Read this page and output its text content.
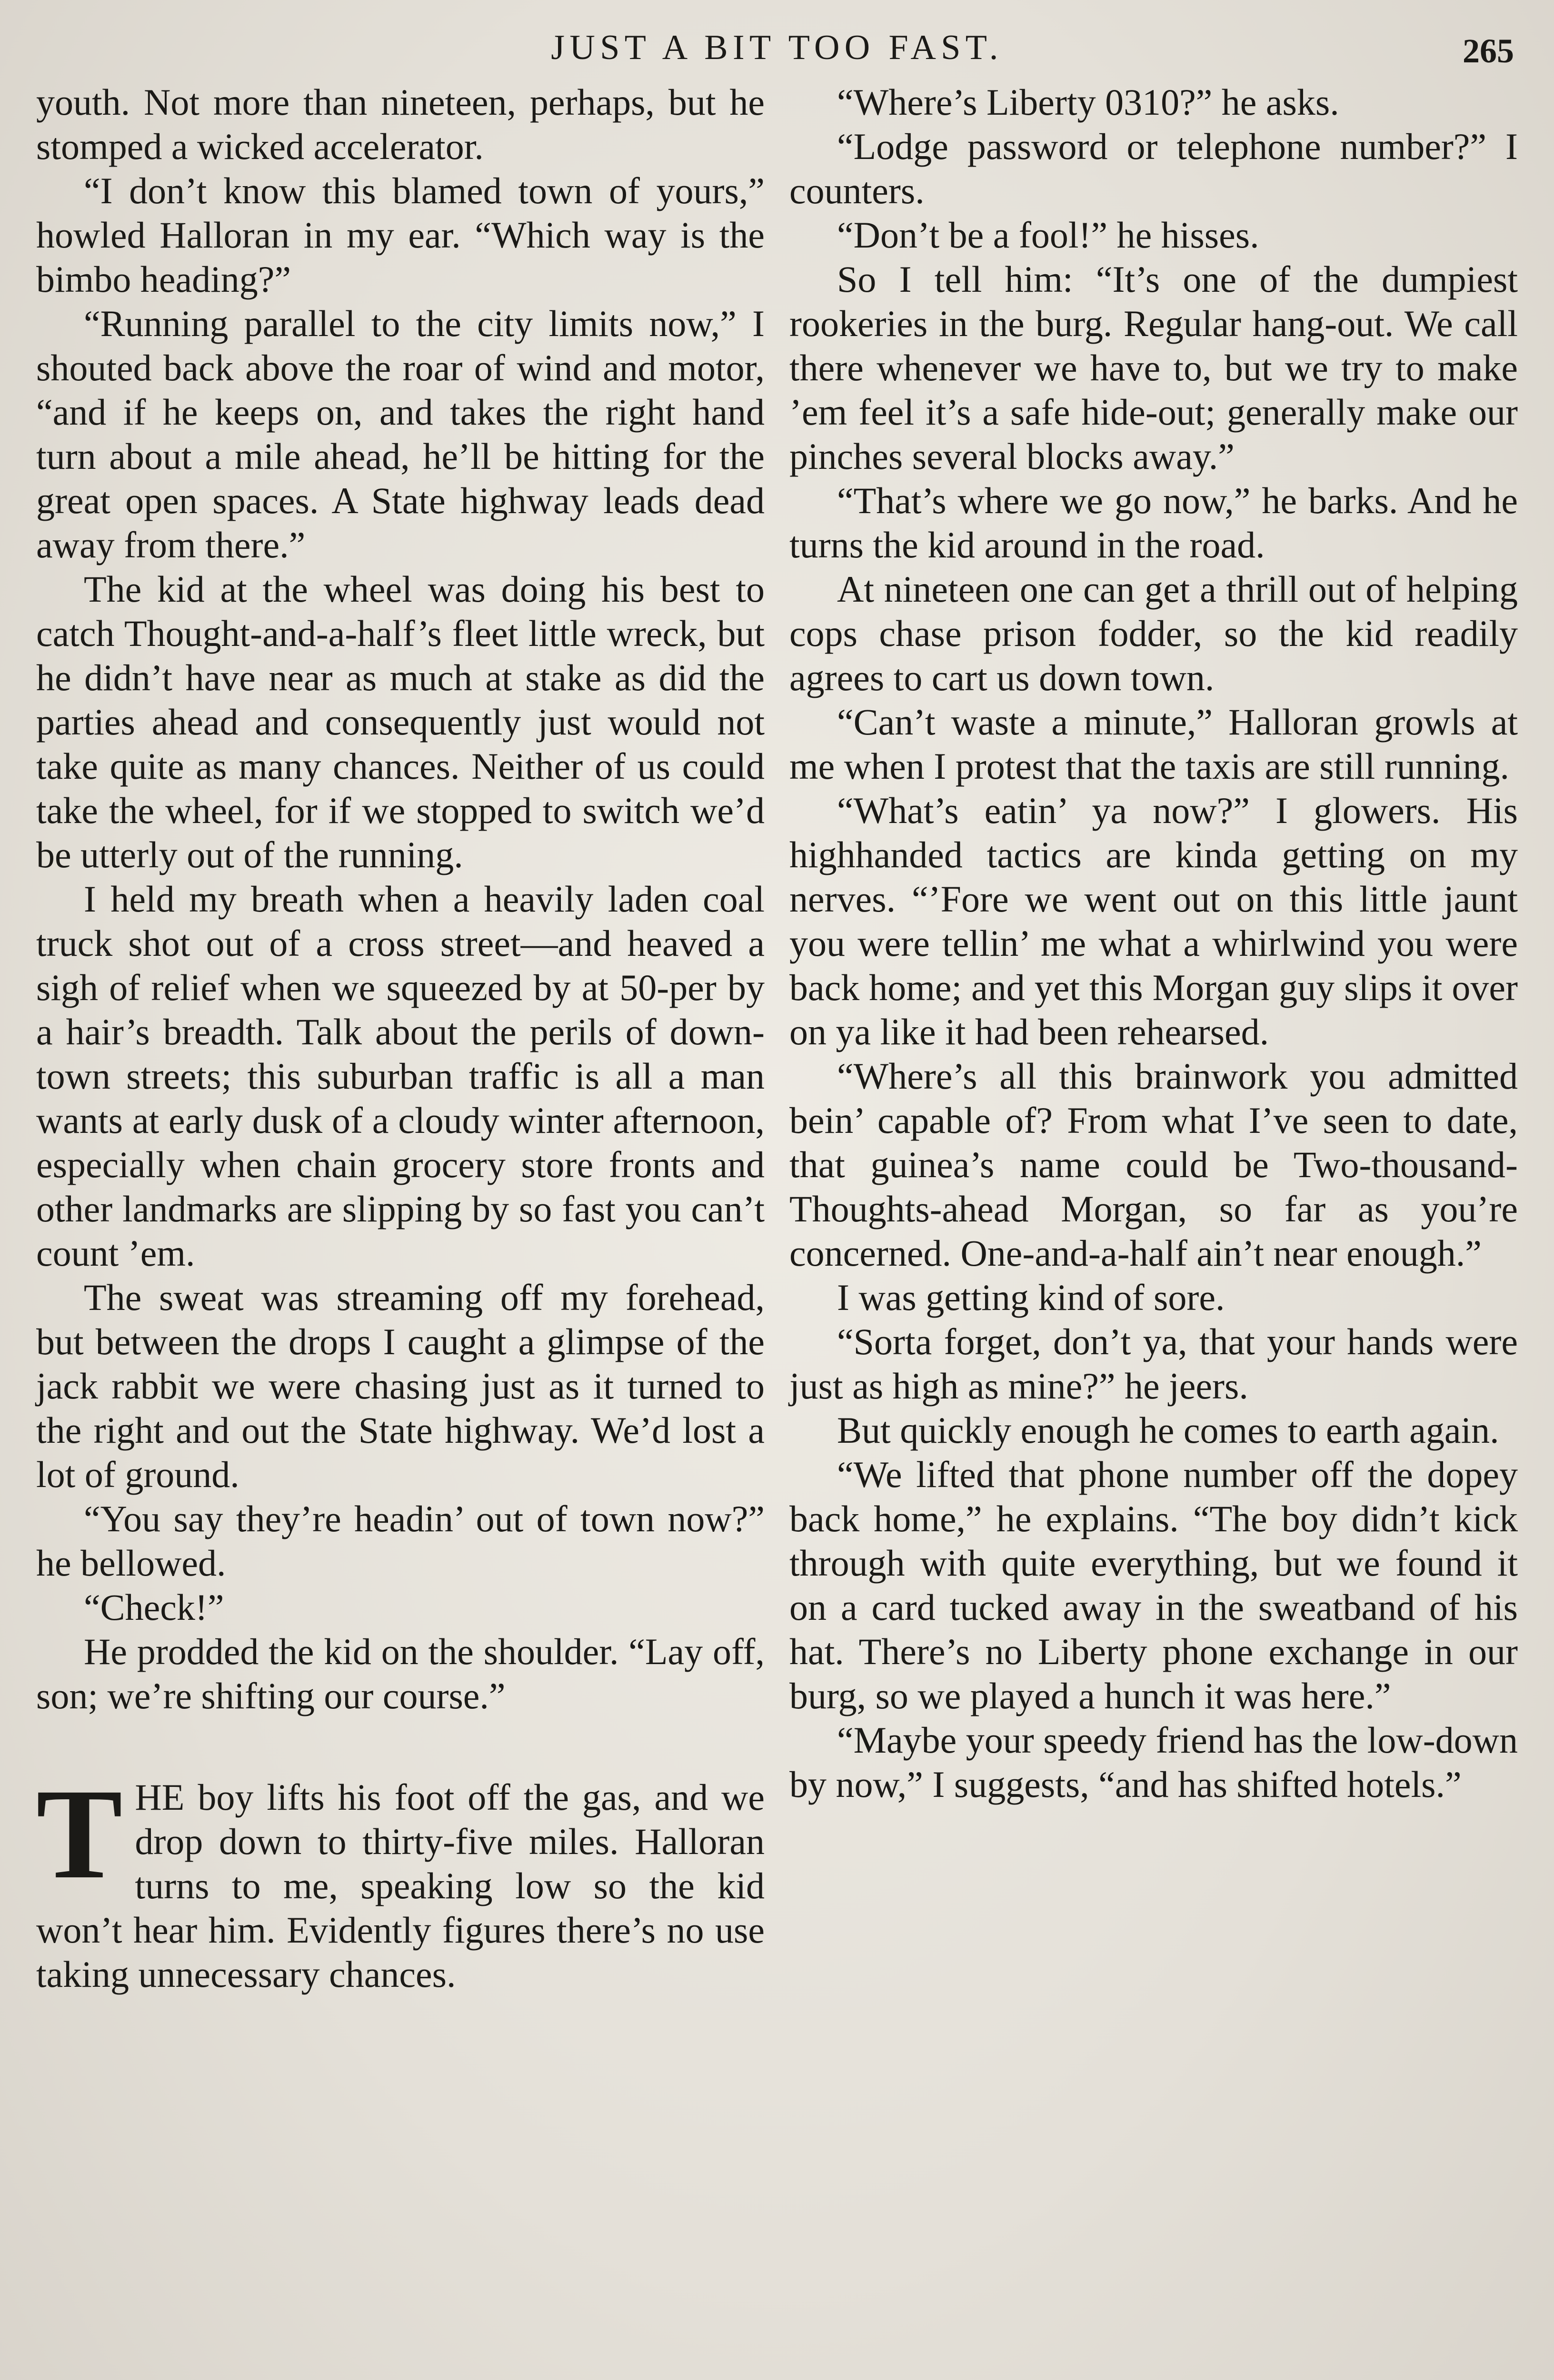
JUST A BIT TOO FAST.	265

youth. Not more than nineteen, perhaps, but he stomped a wicked accelerator.

“I don’t know this blamed town of yours,” howled Halloran in my ear. “Which way is the bimbo heading?”

“Running parallel to the city limits now,” I shouted back above the roar of wind and motor, “and if he keeps on, and takes the right hand turn about a mile ahead, he’ll be hitting for the great open spaces. A State highway leads dead away from there.”

The kid at the wheel was doing his best to catch Thought-and-a-half’s fleet little wreck, but he didn’t have near as much at stake as did the parties ahead and consequently just would not take quite as many chances. Neither of us could take the wheel, for if we stopped to switch we’d be utterly out of the running.

I held my breath when a heavily laden coal truck shot out of a cross street—and heaved a sigh of relief when we squeezed by at 50-per by a hair’s breadth. Talk about the perils of down-town streets; this suburban traffic is all a man wants at early dusk of a cloudy winter afternoon, especially when chain grocery store fronts and other landmarks are slipping by so fast you can’t count ’em.

The sweat was streaming off my forehead, but between the drops I caught a glimpse of the jack rabbit we were chasing just as it turned to the right and out the State highway. We’d lost a lot of ground.

“You say they’re headin’ out of town now?” he bellowed.

“Check!”

He prodded the kid on the shoulder. “Lay off, son; we’re shifting our course.”

THE boy lifts his foot off the gas, and we drop down to thirty-five miles. Halloran turns to me, speaking low so the kid won’t hear him. Evidently figures there’s no use taking unnecessary chances.

“Where’s Liberty 0310?” he asks.

“Lodge password or telephone number?” I counters.

“Don’t be a fool!” he hisses.

So I tell him: “It’s one of the dumpiest rookeries in the burg. Regular hang-out. We call there whenever we have to, but we try to make ’em feel it’s a safe hide-out; generally make our pinches several blocks away.”

“That’s where we go now,” he barks. And he turns the kid around in the road.

At nineteen one can get a thrill out of helping cops chase prison fodder, so the kid readily agrees to cart us down town.

“Can’t waste a minute,” Halloran growls at me when I protest that the taxis are still running.

“What’s eatin’ ya now?” I glowers. His highhanded tactics are kinda getting on my nerves. “’Fore we went out on this little jaunt you were tellin’ me what a whirlwind you were back home; and yet this Morgan guy slips it over on ya like it had been rehearsed.

“Where’s all this brainwork you admitted bein’ capable of? From what I’ve seen to date, that guinea’s name could be Two-thousand-Thoughts-ahead Morgan, so far as you’re concerned. One-and-a-half ain’t near enough.”

I was getting kind of sore.

“Sorta forget, don’t ya, that your hands were just as high as mine?” he jeers.

But quickly enough he comes to earth again.

“We lifted that phone number off the dopey back home,” he explains. “The boy didn’t kick through with quite everything, but we found it on a card tucked away in the sweatband of his hat. There’s no Liberty phone exchange in our burg, so we played a hunch it was here.”

“Maybe your speedy friend has the low-down by now,” I suggests, “and has shifted hotels.”
